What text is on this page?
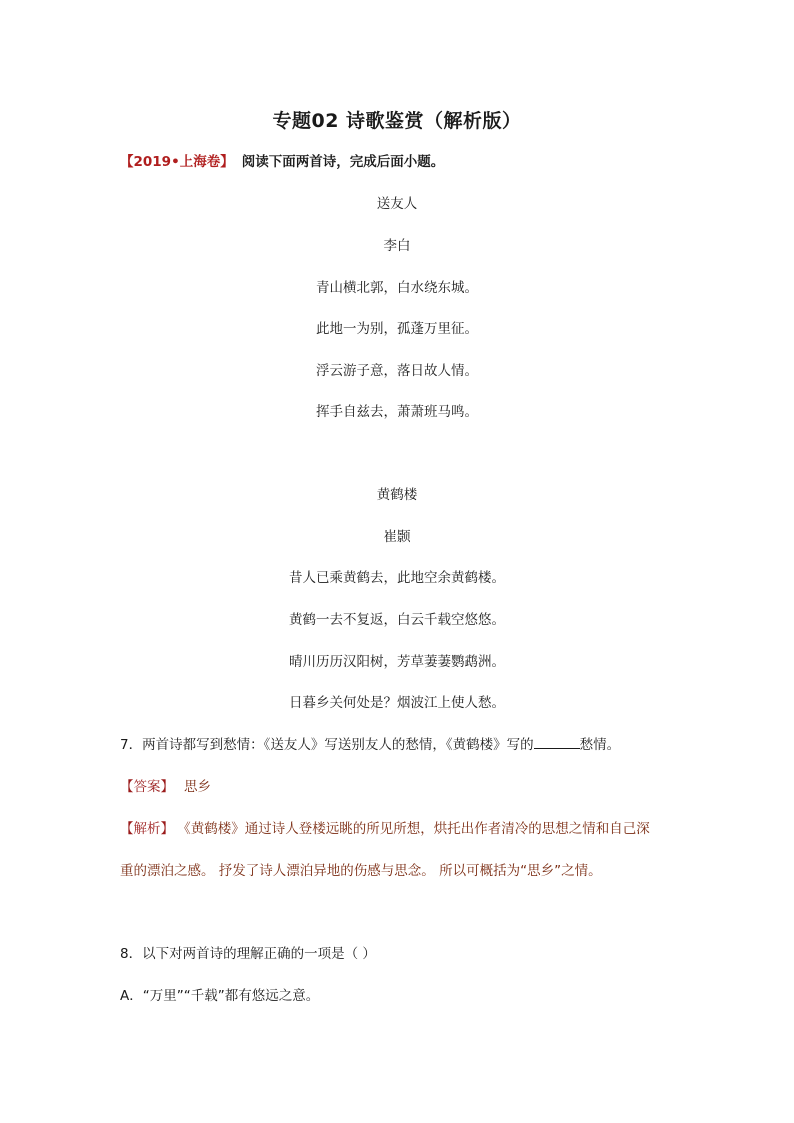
专题02 诗歌鉴赏（解析版）
【2019•上海卷】 阅读下面两首诗，完成后面小题。
送友人
李白
青山横北郭，白水绕东城。
此地一为别，孤蓬万里征。
浮云游子意，落日故人情。
挥手自兹去，萧萧班马鸣。
黄鹤楼
崔颢
昔人已乘黄鹤去，此地空余黄鹤楼。
黄鹤一去不复返，白云千载空悠悠。
晴川历历汉阳树，芳草萋萋鹦鹉洲。
日暮乡关何处是？烟波江上使人愁。
7．两首诗都写到愁情：《送友人》写送别友人的愁情，《黄鹤楼》写的	愁情。
【答案】 思乡
【解析】 《黄鹤楼》通过诗人登楼远眺的所见所想，烘托出作者清冷的思想之情和自己深
重的漂泊之感。 抒发了诗人漂泊异地的伤感与思念。 所以可概括为“思乡”之情。
8．以下对两首诗的理解正确的一项是（ ）
A．“万里”“千载”都有悠远之意。
